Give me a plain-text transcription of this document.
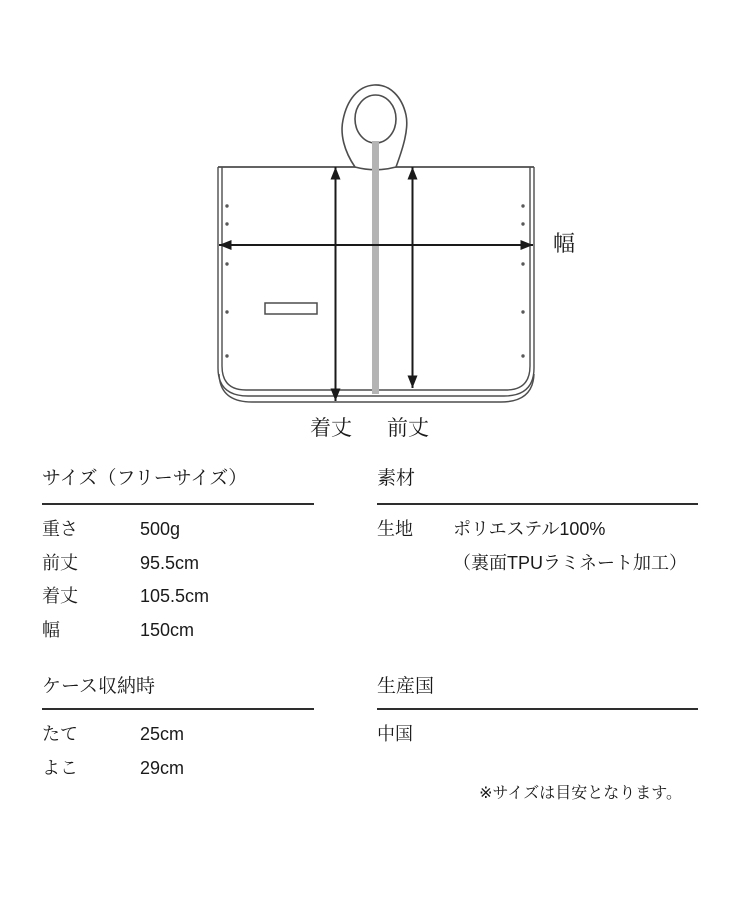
幅
着丈 前丈
サイズ（フリーサイズ）
重さ	500g
前丈	95.5cm
着丈	105.5cm
幅	150cm
ケース収納時
たて	25cm
よこ	29cm
素材
生地	ポリエステル100%
（裏面TPUラミネート加工）
生産国
中国
※サイズは目安となります。
